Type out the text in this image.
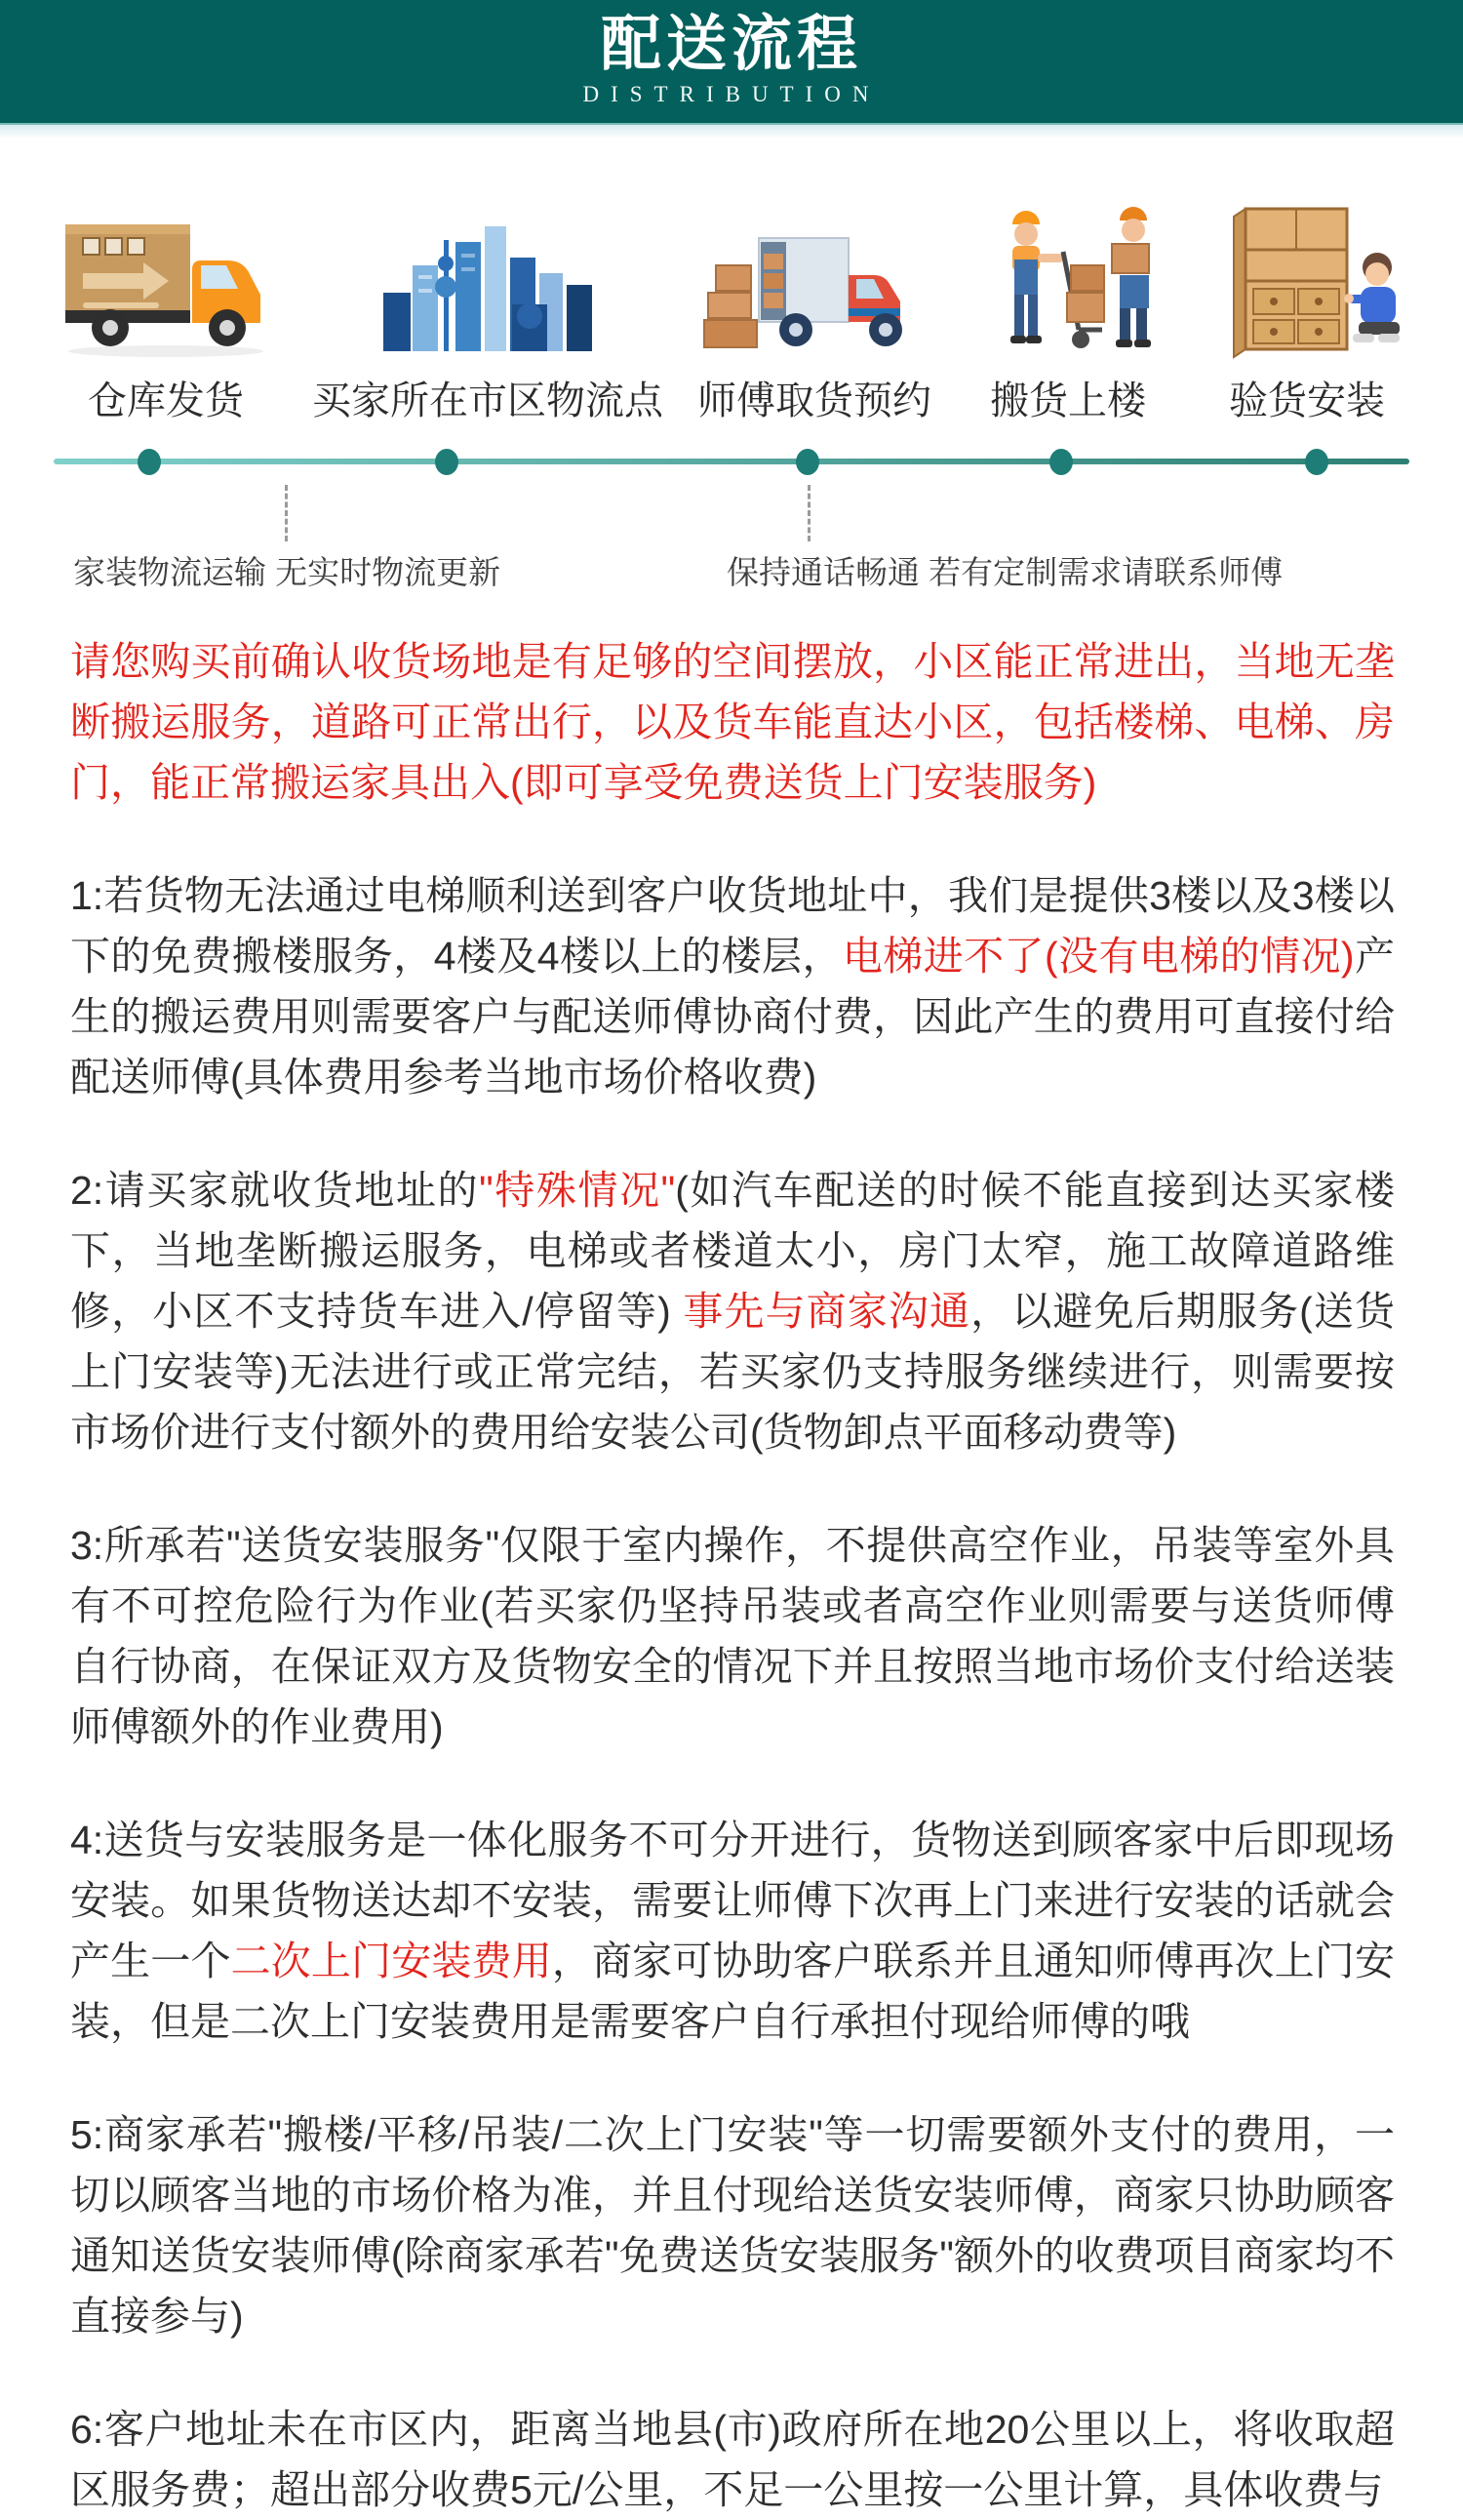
配送流程
DISTRIBUTION
仓库发货 买家所在市区物流点 师傅取货预约 搬货上楼 验货安装
家装物流运输 无实时物流更新	保持通话畅通 若有定制需求请联系师傅

请您购买前确认收货场地是有足够的空间摆放，小区能正常进出，当地无垄断搬运服务，道路可正常出行，以及货车能直达小区，包括楼梯、电梯、房门，能正常搬运家具出入(即可享受免费送货上门安装服务)

1:若货物无法通过电梯顺利送到客户收货地址中，我们是提供3楼以及3楼以下的免费搬楼服务，4楼及4楼以上的楼层，电梯进不了(没有电梯的情况)产生的搬运费用则需要客户与配送师傅协商付费，因此产生的费用可直接付给配送师傅(具体费用参考当地市场价格收费)

2:请买家就收货地址的"特殊情况"(如汽车配送的时候不能直接到达买家楼下，当地垄断搬运服务，电梯或者楼道太小，房门太窄，施工故障道路维修，小区不支持货车进入/停留等) 事先与商家沟通，以避免后期服务(送货上门安装等)无法进行或正常完结，若买家仍支持服务继续进行，则需要按市场价进行支付额外的费用给安装公司(货物卸点平面移动费等)

3:所承若"送货安装服务"仅限于室内操作，不提供高空作业，吊装等室外具有不可控危险行为作业(若买家仍坚持吊装或者高空作业则需要与送货师傅自行协商，在保证双方及货物安全的情况下并且按照当地市场价支付给送装师傅额外的作业费用)

4:送货与安装服务是一体化服务不可分开进行，货物送到顾客家中后即现场安装。如果货物送达却不安装，需要让师傅下次再上门来进行安装的话就会产生一个二次上门安装费用，商家可协助客户联系并且通知师傅再次上门安装，但是二次上门安装费用是需要客户自行承担付现给师傅的哦

5:商家承若"搬楼/平移/吊装/二次上门安装"等一切需要额外支付的费用，一切以顾客当地的市场价格为准，并且付现给送货安装师傅，商家只协助顾客通知送货安装师傅(除商家承若"免费送货安装服务"额外的收费项目商家均不直接参与)

6:客户地址未在市区内，距离当地县(市)政府所在地20公里以上，将收取超区服务费；超出部分收费5元/公里，不足一公里按一公里计算，具体收费与
